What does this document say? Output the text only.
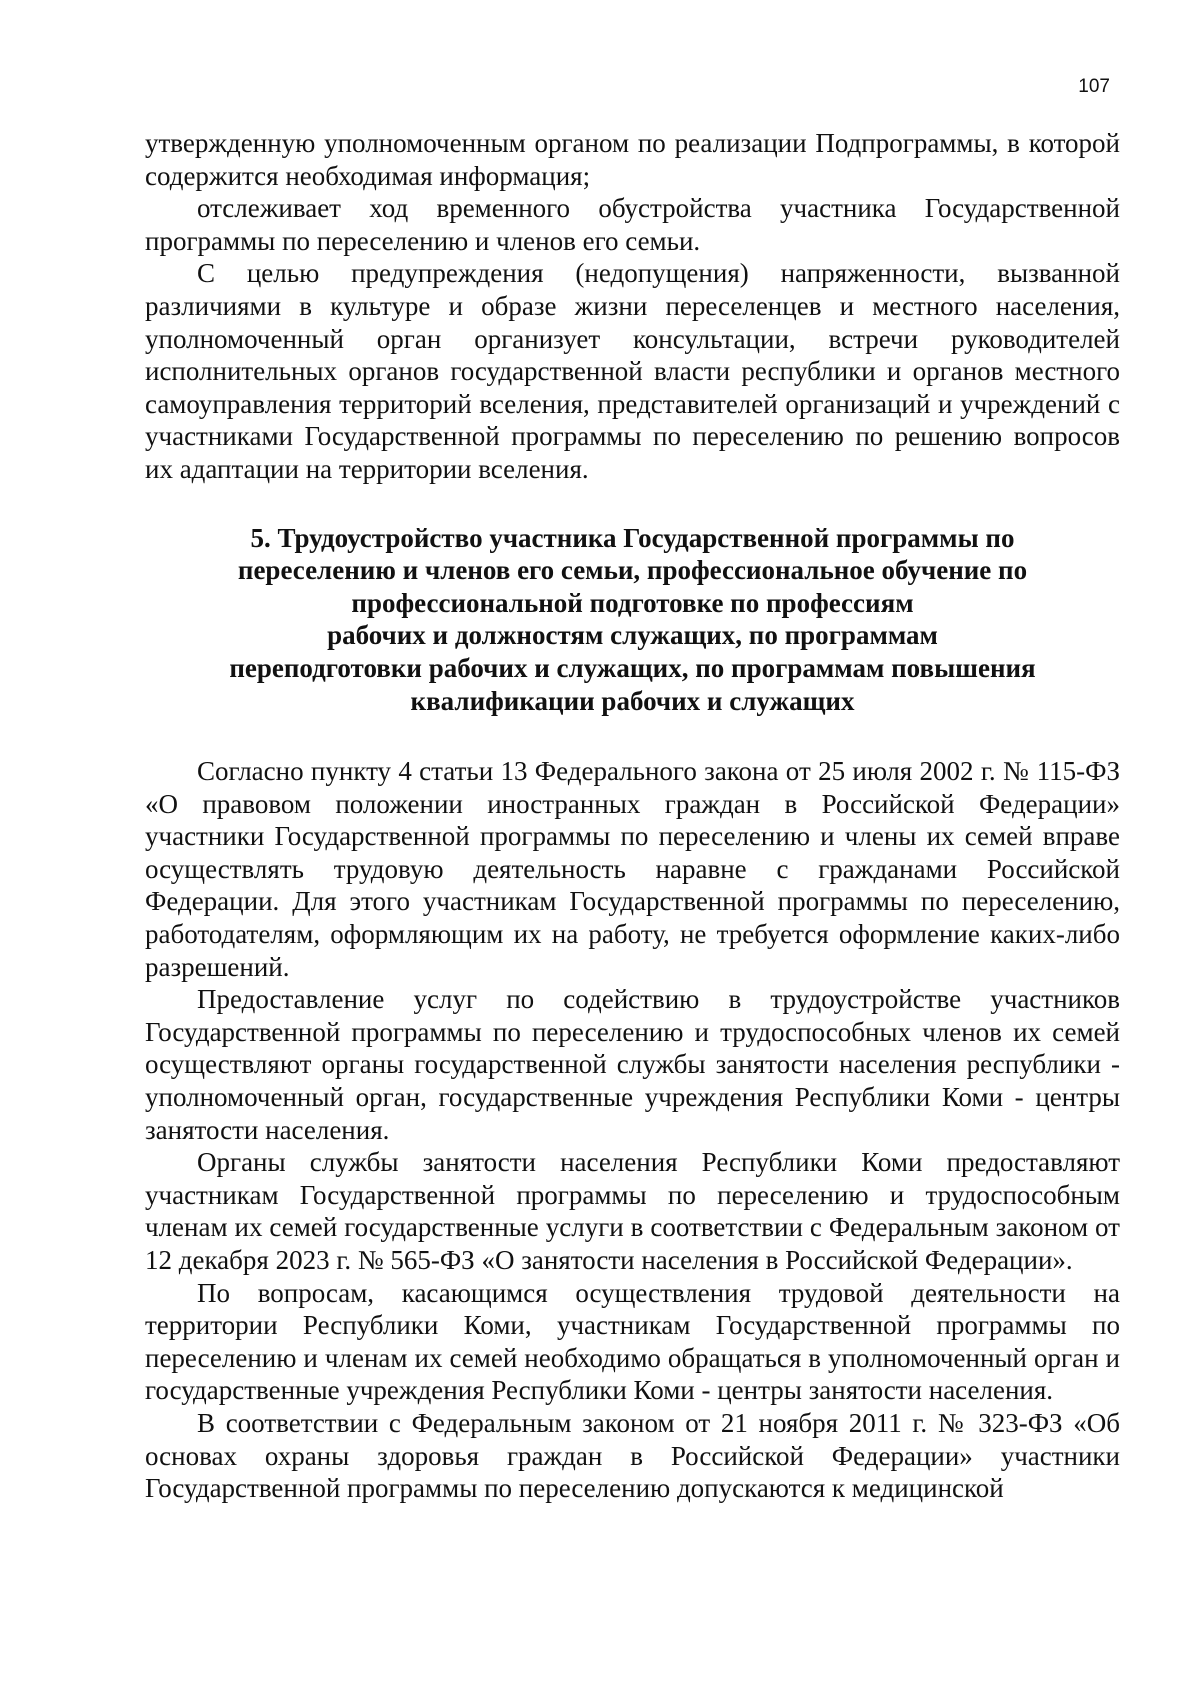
107

утвержденную уполномоченным органом по реализации Подпрограммы, в которой содержится необходимая информация;

отслеживает ход временного обустройства участника Государственной программы по переселению и членов его семьи.

С целью предупреждения (недопущения) напряженности, вызванной различиями в культуре и образе жизни переселенцев и местного населения, уполномоченный орган организует консультации, встречи руководителей исполнительных органов государственной власти республики и органов местного самоуправления территорий вселения, представителей организаций и учреждений с участниками Государственной программы по переселению по решению вопросов их адаптации на территории вселения.

5. Трудоустройство участника Государственной программы по
переселению и членов его семьи, профессиональное обучение по
профессиональной подготовке по профессиям
рабочих и должностям служащих, по программам
переподготовки рабочих и служащих, по программам повышения
квалификации рабочих и служащих

Согласно пункту 4 статьи 13 Федерального закона от 25 июля 2002 г. № 115-ФЗ «О правовом положении иностранных граждан в Российской Федерации» участники Государственной программы по переселению и члены их семей вправе осуществлять трудовую деятельность наравне с гражданами Российской Федерации. Для этого участникам Государственной программы по переселению, работодателям, оформляющим их на работу, не требуется оформление каких-либо разрешений.

Предоставление услуг по содействию в трудоустройстве участников Государственной программы по переселению и трудоспособных членов их семей осуществляют органы государственной службы занятости населения республики - уполномоченный орган, государственные учреждения Республики Коми - центры занятости населения.

Органы службы занятости населения Республики Коми предоставляют участникам Государственной программы по переселению и трудоспособным членам их семей государственные услуги в соответствии с Федеральным законом от 12 декабря 2023 г. № 565-ФЗ «О занятости населения в Российской Федерации».

По вопросам, касающимся осуществления трудовой деятельности на территории Республики Коми, участникам Государственной программы по переселению и членам их семей необходимо обращаться в уполномоченный орган и государственные учреждения Республики Коми - центры занятости населения.

В соответствии с Федеральным законом от 21 ноября 2011 г. № 323-ФЗ «Об основах охраны здоровья граждан в Российской Федерации» участники Государственной программы по переселению допускаются к медицинской
